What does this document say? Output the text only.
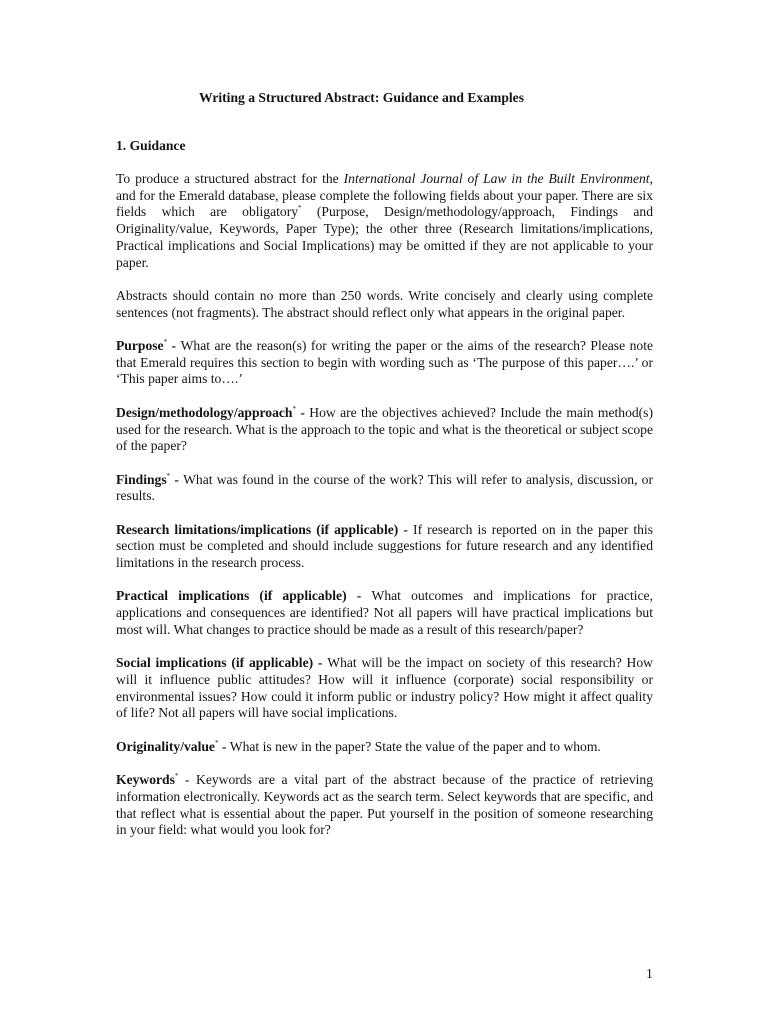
Writing a Structured Abstract: Guidance and Examples
1. Guidance

To produce a structured abstract for the International Journal of Law in the Built Environment, and for the Emerald database, please complete the following fields about your paper. There are six fields which are obligatory* (Purpose, Design/methodology/approach, Findings and Originality/value, Keywords, Paper Type); the other three (Research limitations/implications, Practical implications and Social Implications) may be omitted if they are not applicable to your paper.

Abstracts should contain no more than 250 words. Write concisely and clearly using complete sentences (not fragments). The abstract should reflect only what appears in the original paper.

Purpose* - What are the reason(s) for writing the paper or the aims of the research? Please note that Emerald requires this section to begin with wording such as ‘The purpose of this paper….’ or ‘This paper aims to….’

Design/methodology/approach* - How are the objectives achieved? Include the main method(s) used for the research. What is the approach to the topic and what is the theoretical or subject scope of the paper?

Findings* - What was found in the course of the work? This will refer to analysis, discussion, or results.

Research limitations/implications (if applicable) - If research is reported on in the paper this section must be completed and should include suggestions for future research and any identified limitations in the research process.

Practical implications (if applicable) - What outcomes and implications for practice, applications and consequences are identified? Not all papers will have practical implications but most will. What changes to practice should be made as a result of this research/paper?

Social implications (if applicable) - What will be the impact on society of this research? How will it influence public attitudes? How will it influence (corporate) social responsibility or environmental issues? How could it inform public or industry policy? How might it affect quality of life? Not all papers will have social implications.

Originality/value* - What is new in the paper? State the value of the paper and to whom.

Keywords* - Keywords are a vital part of the abstract because of the practice of retrieving information electronically. Keywords act as the search term. Select keywords that are specific, and that reflect what is essential about the paper. Put yourself in the position of someone researching in your field: what would you look for?

1
